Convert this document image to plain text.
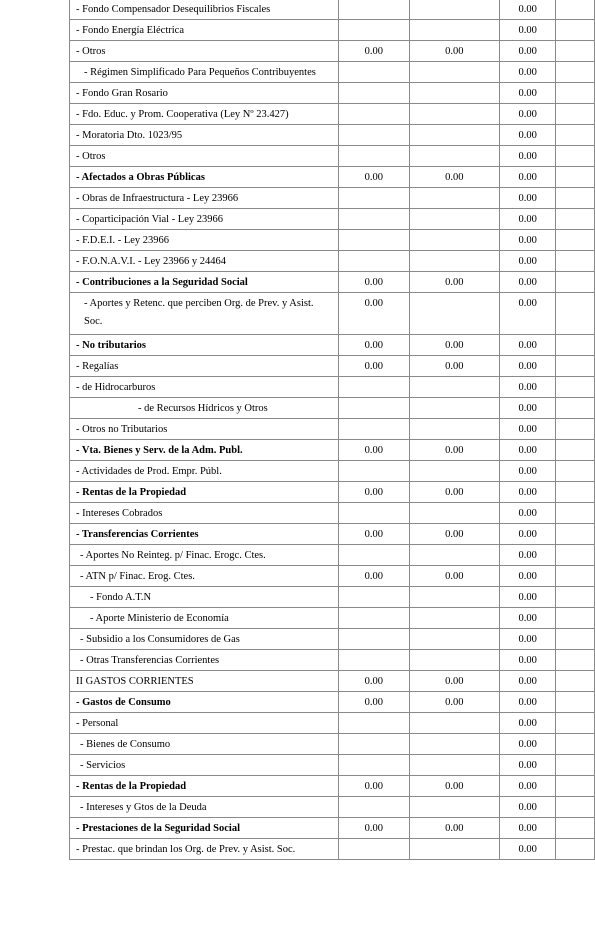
- Fondo Compensador Desequilibrios Fiscales			0.00	
- Fondo Energía Eléctrica			0.00	
- Otros	0.00	0.00	0.00	
- Régimen Simplificado Para Pequeños Contribuyentes			0.00	
- Fondo Gran Rosario			0.00	
- Fdo. Educ. y Prom. Cooperativa (Ley Nº 23.427)			0.00	
- Moratoria Dto. 1023/95			0.00	
- Otros			0.00	
- Afectados a Obras Públicas	0.00	0.00	0.00	
- Obras de Infraestructura - Ley 23966			0.00	
- Coparticipación Vial - Ley 23966			0.00	
- F.D.E.I. - Ley 23966			0.00	
- F.O.N.A.V.I. - Ley 23966 y 24464			0.00	
- Contribuciones a la Seguridad Social	0.00	0.00	0.00	
- Aportes y Retenc. que perciben Org. de Prev. y Asist. Soc.	0.00		0.00	
- No tributarios	0.00	0.00	0.00	
- Regalías	0.00	0.00	0.00	
- de Hidrocarburos			0.00	
- de Recursos Hídricos y Otros			0.00	
- Otros no Tributarios			0.00	
- Vta. Bienes y Serv. de la Adm. Publ.	0.00	0.00	0.00	
- Actividades de Prod. Empr. Públ.			0.00	
- Rentas de la Propiedad	0.00	0.00	0.00	
- Intereses Cobrados			0.00	
- Transferencias Corrientes	0.00	0.00	0.00	
- Aportes No Reinteg. p/ Finac. Erogc. Ctes.			0.00	
- ATN p/ Finac. Erog. Ctes.	0.00	0.00	0.00	
- Fondo A.T.N			0.00	
- Aporte Ministerio de Economía			0.00	
- Subsidio a los Consumidores de Gas			0.00	
- Otras Transferencias Corrientes			0.00	
II GASTOS CORRIENTES	0.00	0.00	0.00	
- Gastos de Consumo	0.00	0.00	0.00	
- Personal			0.00	
- Bienes de Consumo			0.00	
- Servicios			0.00	
- Rentas de la Propiedad	0.00	0.00	0.00	
- Intereses y Gtos de la Deuda			0.00	
- Prestaciones de la Seguridad Social	0.00	0.00	0.00	
- Prestac. que brindan los Org. de Prev. y Asist. Soc.			0.00	
